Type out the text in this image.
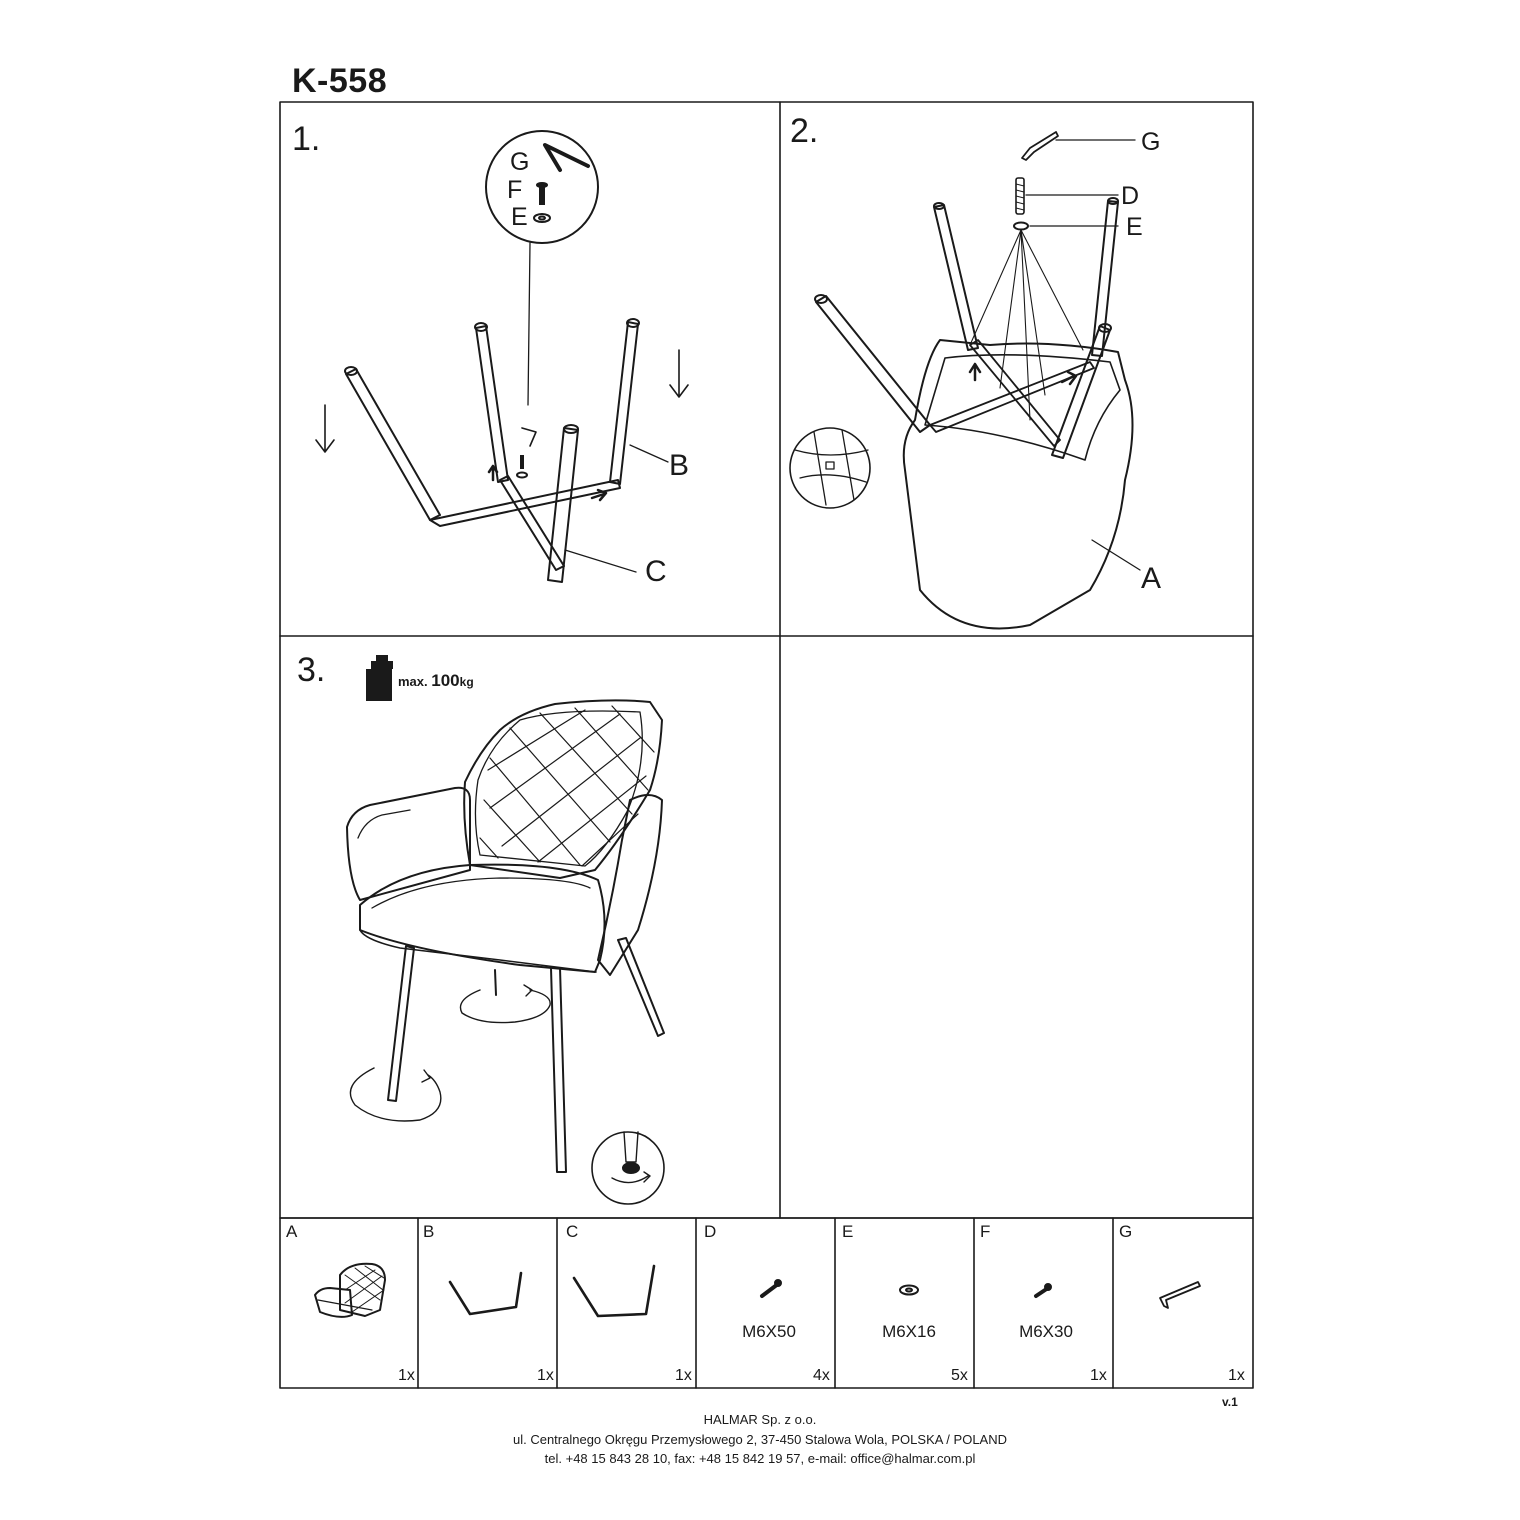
K-558
1.	2.
3.
G
F
E
B
C
G
D
E
A
max. 100kg
A
1x
B
1x
C
1x
D
M6X50
4x
E
M6X16
5x
F
M6X30
1x
G
1x
v.1
HALMAR Sp. z o.o.
ul. Centralnego Okręgu Przemysłowego 2, 37-450 Stalowa Wola, POLSKA / POLAND
tel. +48 15 843 28 10, fax: +48 15 842 19 57, e-mail: office@halmar.com.pl
